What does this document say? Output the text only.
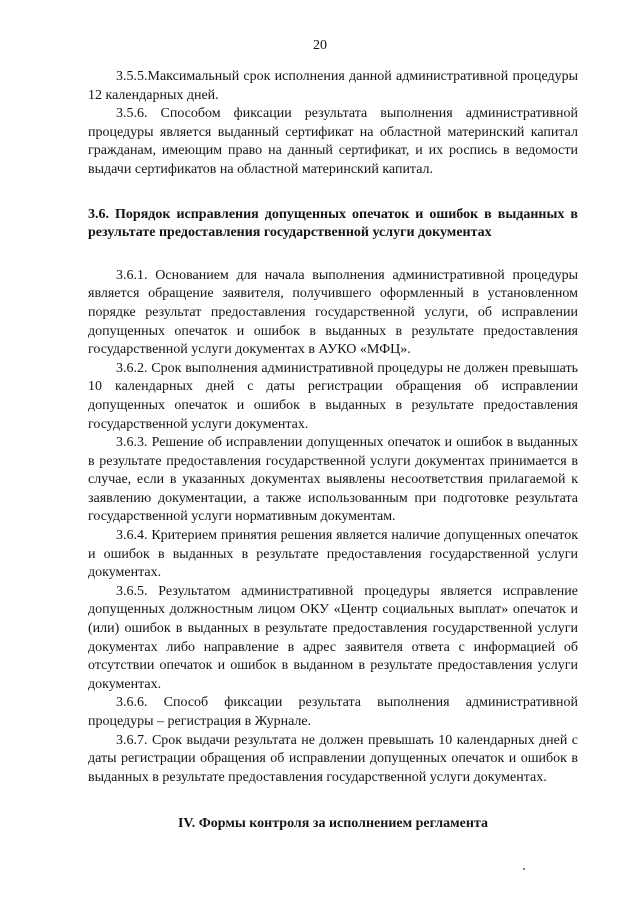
20

3.5.5.Максимальный срок исполнения данной административной процедуры 12 календарных дней.

3.5.6. Способом фиксации результата выполнения административной процедуры является выданный сертификат на областной материнский капитал гражданам, имеющим право на данный сертификат, и их роспись в ведомости выдачи сертификатов на областной материнский капитал.

3.6. Порядок исправления допущенных опечаток и ошибок в выданных в результате предоставления государственной услуги документах

3.6.1. Основанием для начала выполнения административной процедуры является обращение заявителя, получившего оформленный в установленном порядке результат предоставления государственной услуги, об исправлении допущенных опечаток и ошибок в выданных в результате предоставления государственной услуги документах в АУКО «МФЦ».

3.6.2. Срок выполнения административной процедуры не должен превышать 10 календарных дней с даты регистрации обращения об исправлении допущенных опечаток и ошибок в выданных в результате предоставления государственной услуги документах.

3.6.3. Решение об исправлении допущенных опечаток и ошибок в выданных в результате предоставления государственной услуги документах принимается в случае, если в указанных документах выявлены несоответствия прилагаемой к заявлению документации, а также использованным при подготовке результата государственной услуги нормативным документам.

3.6.4. Критерием принятия решения является наличие допущенных опечаток и ошибок в выданных в результате предоставления государственной услуги документах.

3.6.5. Результатом административной процедуры является исправление допущенных должностным лицом ОКУ «Центр социальных выплат» опечаток и (или) ошибок в выданных в результате предоставления государственной услуги документах либо направление в адрес заявителя ответа с информацией об отсутствии опечаток и ошибок в выданном в результате предоставления услуги документах.

3.6.6. Способ фиксации результата выполнения административной процедуры – регистрация в Журнале.

3.6.7. Срок выдачи результата не должен превышать 10 календарных дней с даты регистрации обращения об исправлении допущенных опечаток и ошибок в выданных в результате предоставления государственной услуги документах.

IV. Формы контроля за исполнением регламента
